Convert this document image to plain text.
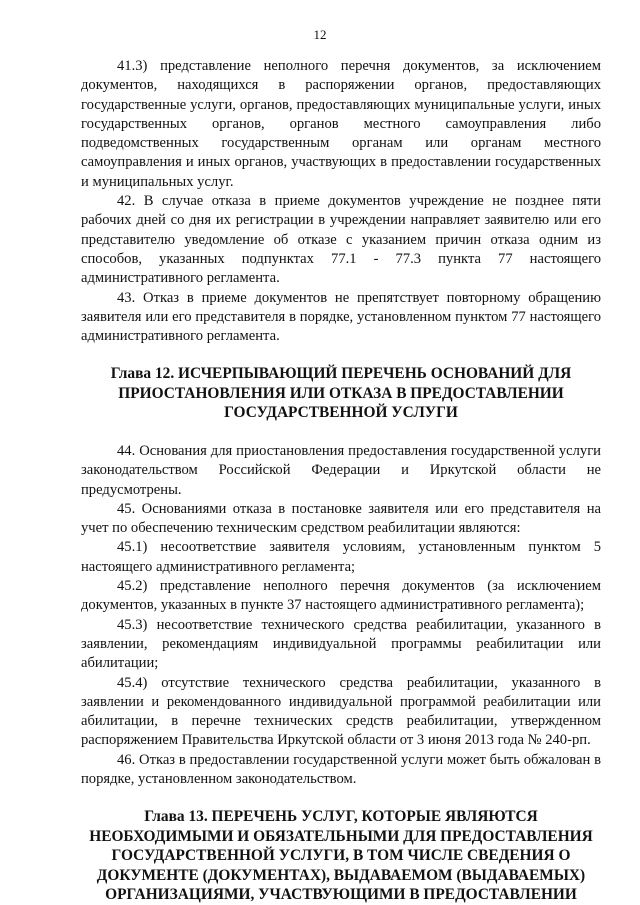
12

41.3) представление неполного перечня документов, за исключением документов, находящихся в распоряжении органов, предоставляющих государственные услуги, органов, предоставляющих муниципальные услуги, иных государственных органов, органов местного самоуправления либо подведомственных государственным органам или органам местного самоуправления и иных органов, участвующих в предоставлении государственных и муниципальных услуг.

42. В случае отказа в приеме документов учреждение не позднее пяти рабочих дней со дня их регистрации в учреждении направляет заявителю или его представителю уведомление об отказе с указанием причин отказа одним из способов, указанных подпунктах 77.1 - 77.3 пункта 77 настоящего административного регламента.

43. Отказ в приеме документов не препятствует повторному обращению заявителя или его представителя в порядке, установленном пунктом 77 настоящего административного регламента.

Глава 12. ИСЧЕРПЫВАЮЩИЙ ПЕРЕЧЕНЬ ОСНОВАНИЙ ДЛЯ ПРИОСТАНОВЛЕНИЯ ИЛИ ОТКАЗА В ПРЕДОСТАВЛЕНИИ ГОСУДАРСТВЕННОЙ УСЛУГИ

44. Основания для приостановления предоставления государственной услуги законодательством Российской Федерации и Иркутской области не предусмотрены.

45. Основаниями отказа в постановке заявителя или его представителя на учет по обеспечению техническим средством реабилитации являются:

45.1) несоответствие заявителя условиям, установленным пунктом 5 настоящего административного регламента;

45.2) представление неполного перечня документов (за исключением документов, указанных в пункте 37 настоящего административного регламента);

45.3) несоответствие технического средства реабилитации, указанного в заявлении, рекомендациям индивидуальной программы реабилитации или абилитации;

45.4) отсутствие технического средства реабилитации, указанного в заявлении и рекомендованного индивидуальной программой реабилитации или абилитации, в перечне технических средств реабилитации, утвержденном распоряжением Правительства Иркутской области от 3 июня 2013 года № 240-рп.

46. Отказ в предоставлении государственной услуги может быть обжалован в порядке, установленном законодательством.

Глава 13. ПЕРЕЧЕНЬ УСЛУГ, КОТОРЫЕ ЯВЛЯЮТСЯ НЕОБХОДИМЫМИ И ОБЯЗАТЕЛЬНЫМИ ДЛЯ ПРЕДОСТАВЛЕНИЯ ГОСУДАРСТВЕННОЙ УСЛУГИ, В ТОМ ЧИСЛЕ СВЕДЕНИЯ О ДОКУМЕНТЕ (ДОКУМЕНТАХ), ВЫДАВАЕМОМ (ВЫДАВАЕМЫХ) ОРГАНИЗАЦИЯМИ, УЧАСТВУЮЩИМИ В ПРЕДОСТАВЛЕНИИ
